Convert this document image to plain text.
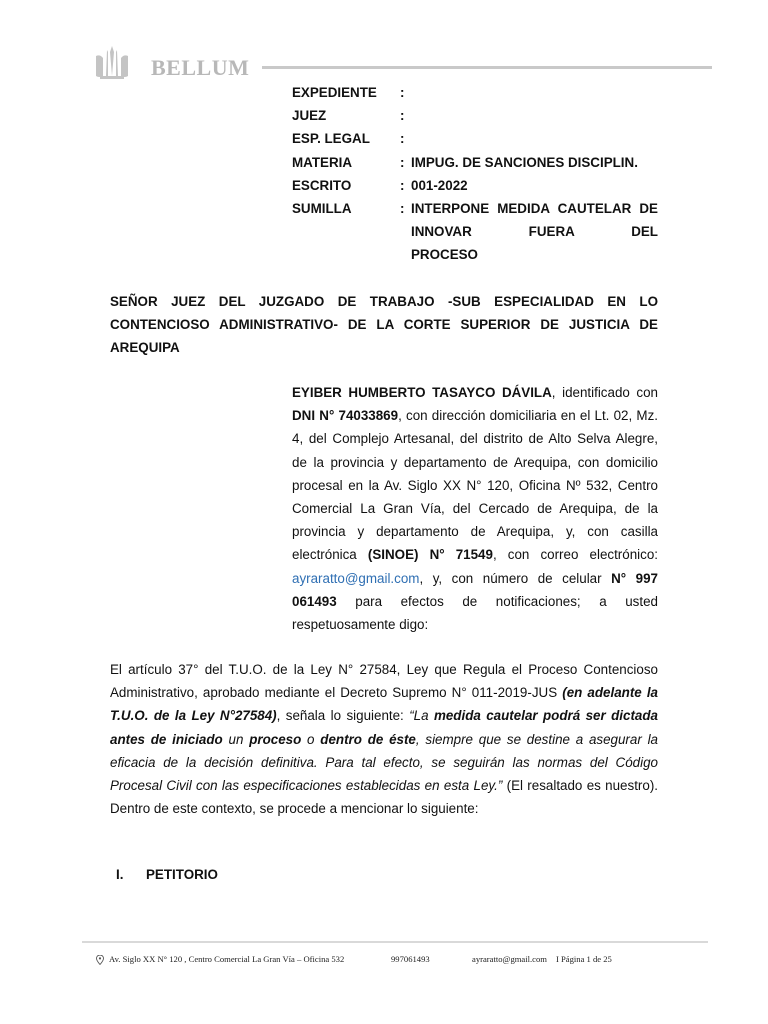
BELLUM
EXPEDIENTE :
JUEZ	:
ESP. LEGAL :
MATERIA	: IMPUG. DE SANCIONES DISCIPLIN.
ESCRITO	: 001-2022
SUMILLA	: INTERPONE MEDIDA CAUTELAR DE INNOVAR FUERA DEL
PROCESO
SEÑOR JUEZ DEL JUZGADO DE TRABAJO -SUB ESPECIALIDAD EN LO CONTENCIOSO ADMINISTRATIVO- DE LA CORTE SUPERIOR DE JUSTICIA DE AREQUIPA
EYIBER HUMBERTO TASAYCO DÁVILA, identificado con DNI N° 74033869, con dirección domiciliaria en el Lt. 02, Mz. 4, del Complejo Artesanal, del distrito de Alto Selva Alegre, de la provincia y departamento de Arequipa, con domicilio procesal en la Av. Siglo XX N° 120, Oficina Nº 532, Centro Comercial La Gran Vía, del Cercado de Arequipa, de la provincia y departamento de Arequipa, y, con casilla electrónica (SINOE) N° 71549, con correo electrónico: ayraratto@gmail.com, y, con número de celular N° 997 061493 para efectos de notificaciones; a usted respetuosamente digo:
El artículo 37° del T.U.O. de la Ley N° 27584, Ley que Regula el Proceso Contencioso Administrativo, aprobado mediante el Decreto Supremo N° 011-2019-JUS (en adelante la T.U.O. de la Ley N°27584), señala lo siguiente: “La medida cautelar podrá ser dictada antes de iniciado un proceso o dentro de éste, siempre que se destine a asegurar la eficacia de la decisión definitiva. Para tal efecto, se seguirán las normas del Código Procesal Civil con las especificaciones establecidas en esta Ley.” (El resaltado es nuestro). Dentro de este contexto, se procede a mencionar lo siguiente:
I. PETITORIO
Av. Siglo XX N° 120 , Centro Comercial La Gran Vía – Oficina 532	997061493	ayraratto@gmail.com I Página 1 de 25
